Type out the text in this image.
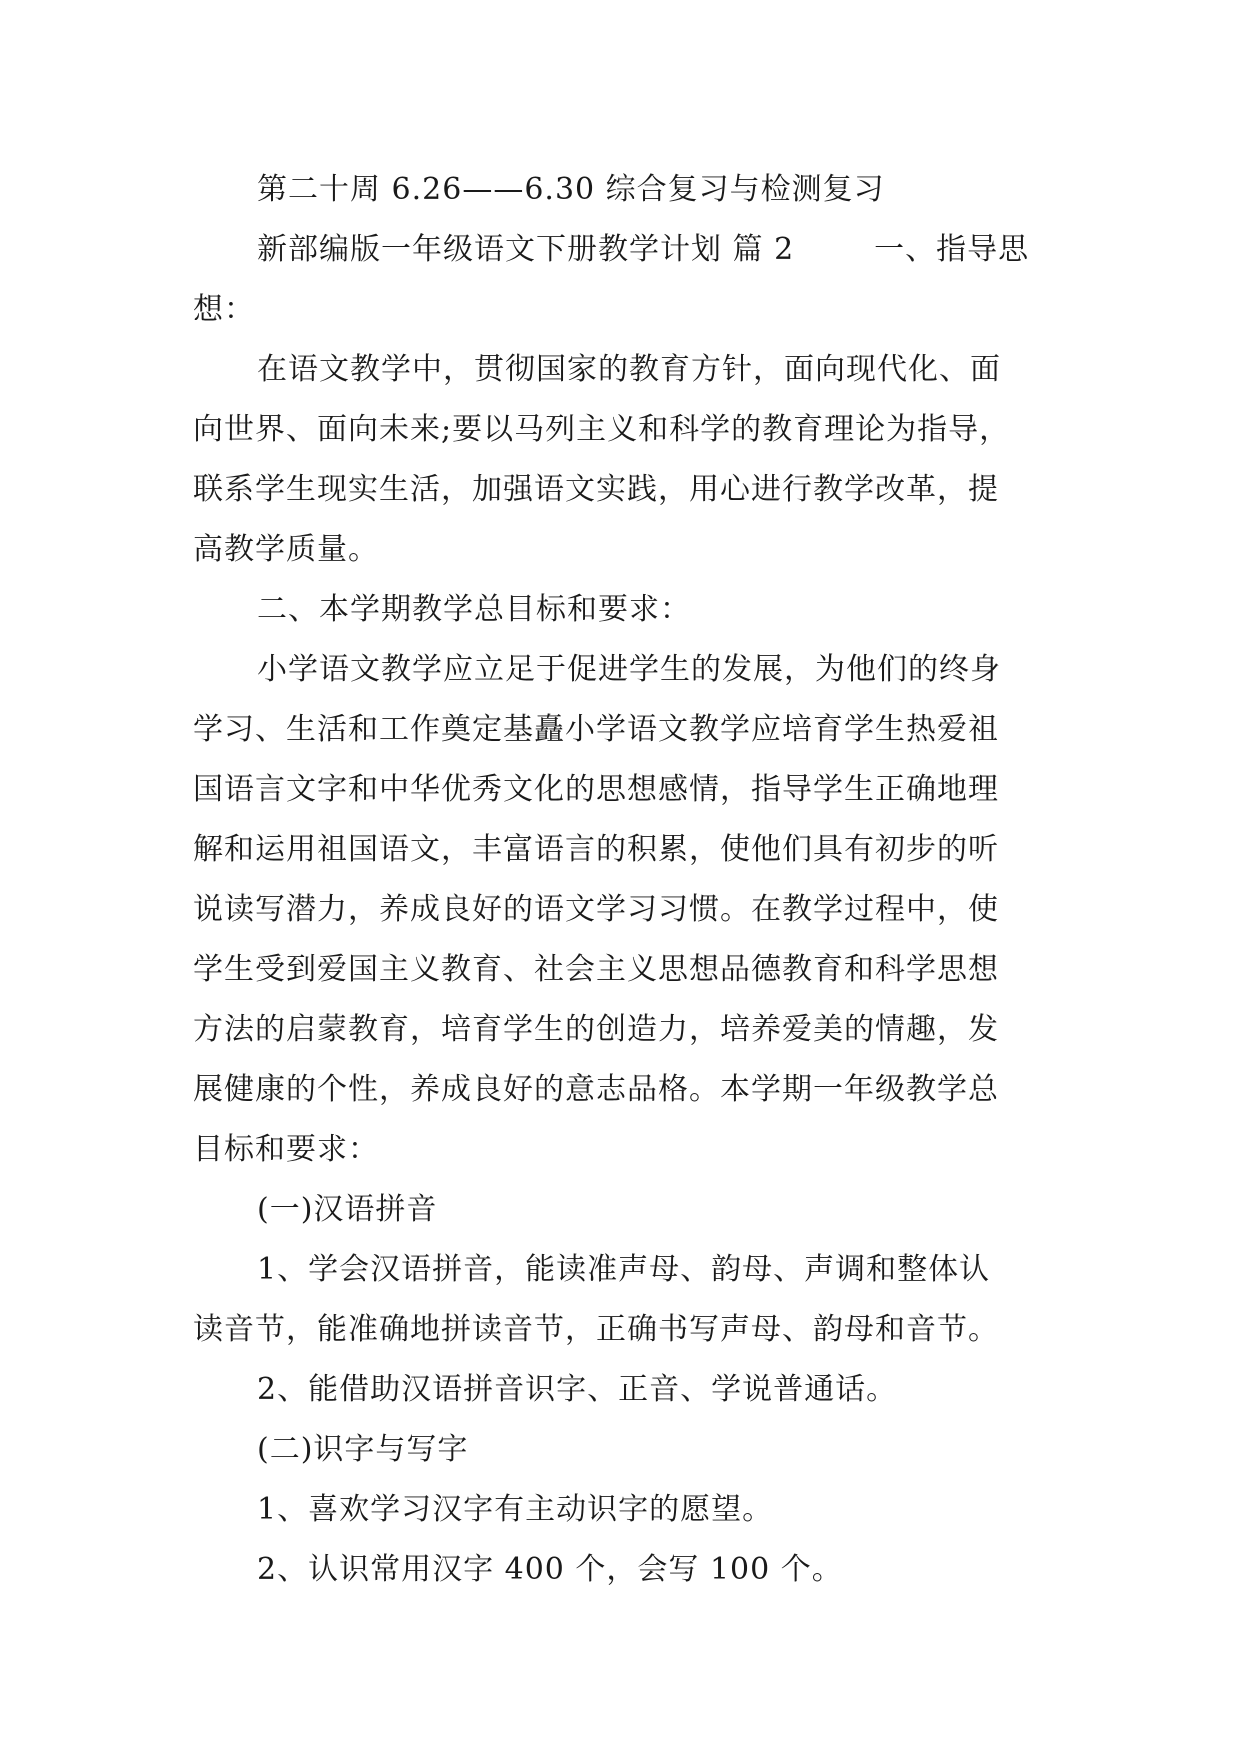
第二十周 6.26——6.30 综合复习与检测复习
新部编版一年级语文下册教学计划 篇 2	一、指导思
想：
在语文教学中，贯彻国家的教育方针，面向现代化、面
向世界、面向未来;要以马列主义和科学的教育理论为指导，
联系学生现实生活，加强语文实践，用心进行教学改革，提
高教学质量。
二、本学期教学总目标和要求：
小学语文教学应立足于促进学生的发展，为他们的终身
学习、生活和工作奠定基矗小学语文教学应培育学生热爱祖
国语言文字和中华优秀文化的思想感情，指导学生正确地理
解和运用祖国语文，丰富语言的积累，使他们具有初步的听
说读写潜力，养成良好的语文学习习惯。在教学过程中，使
学生受到爱国主义教育、社会主义思想品德教育和科学思想
方法的启蒙教育，培育学生的创造力，培养爱美的情趣，发
展健康的个性，养成良好的意志品格。本学期一年级教学总
目标和要求：
(一)汉语拼音
1、学会汉语拼音，能读准声母、韵母、声调和整体认
读音节，能准确地拼读音节，正确书写声母、韵母和音节。
2、能借助汉语拼音识字、正音、学说普通话。
(二)识字与写字
1、喜欢学习汉字有主动识字的愿望。
2、认识常用汉字 400 个，会写 100 个。
